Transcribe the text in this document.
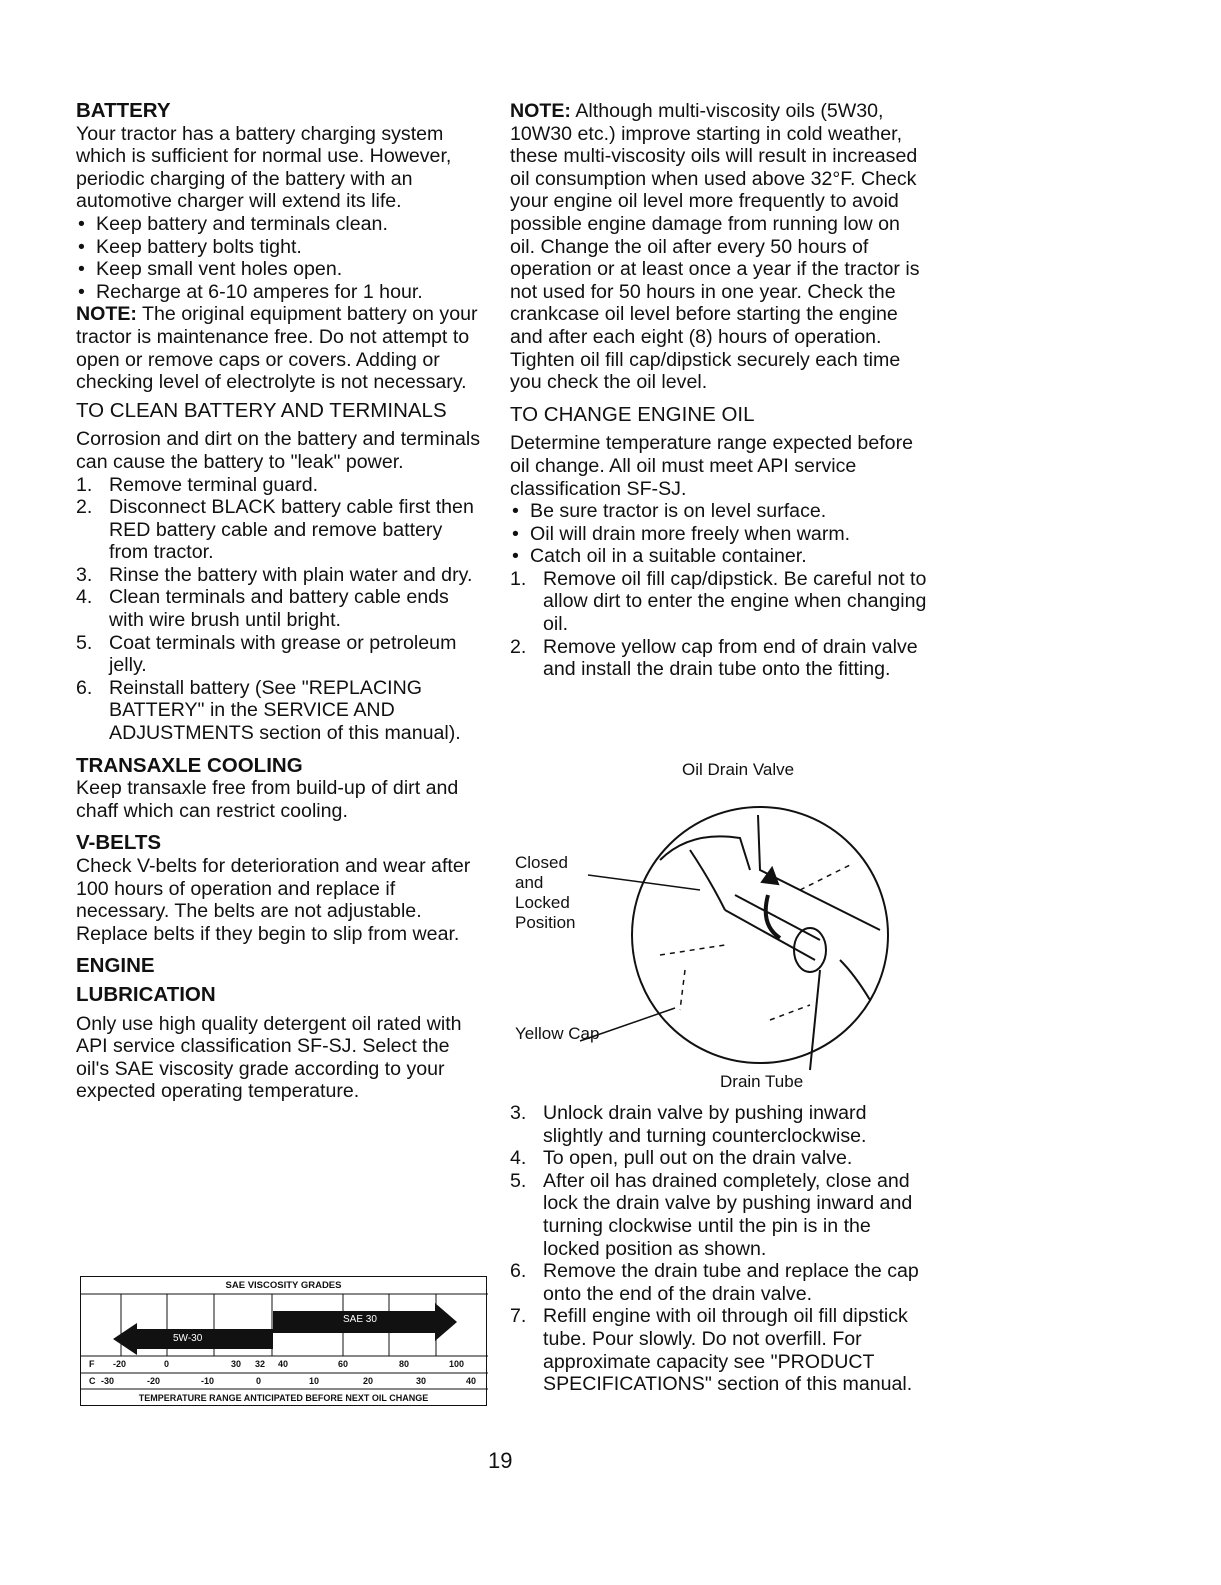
BATTERY

Your tractor has a battery charging system which is sufficient for normal use. However, periodic charging of the battery with an automotive charger will extend its life.

• Keep battery and terminals clean.

• Keep battery bolts tight.

• Keep small vent holes open.

• Recharge at 6-10 amperes for 1 hour.

NOTE: The original equipment battery on your tractor is maintenance free. Do not attempt to open or remove caps or covers. Adding or checking level of electrolyte is not necessary.

TO CLEAN BATTERY AND TERMINALS

Corrosion and dirt on the battery and terminals can cause the battery to "leak" power.

1. Remove terminal guard.

2. Disconnect BLACK battery cable first then RED battery cable and remove battery from tractor.

3. Rinse the battery with plain water and dry.

4. Clean terminals and battery cable ends with wire brush until bright.

5. Coat terminals with grease or petroleum jelly.

6. Reinstall battery (See "REPLACING BATTERY" in the SERVICE AND ADJUSTMENTS section of this manual).

TRANSAXLE COOLING

Keep transaxle free from build-up of dirt and chaff which can restrict cooling.

V-BELTS

Check V-belts for deterioration and wear after 100 hours of operation and replace if necessary. The belts are not adjustable. Replace belts if they begin to slip from wear.

ENGINE

LUBRICATION

Only use high quality detergent oil rated with API service classification SF-SJ. Select the oil's SAE viscosity grade according to your expected operating temperature.

SAE VISCOSITY GRADES
SAE 30
5W-30
F -20	0	30 32 40	60	80	100
C -30	-20	-10	0	10	20	30	40
TEMPERATURE RANGE ANTICIPATED BEFORE NEXT OIL CHANGE

NOTE: Although multi-viscosity oils (5W30, 10W30 etc.) improve starting in cold weather, these multi-viscosity oils will result in increased oil consumption when used above 32°F. Check your engine oil level more frequently to avoid possible engine damage from running low on oil. Change the oil after every 50 hours of operation or at least once a year if the tractor is not used for 50 hours in one year. Check the crankcase oil level before starting the engine and after each eight (8) hours of operation. Tighten oil fill cap/dipstick securely each time you check the oil level.

TO CHANGE ENGINE OIL

Determine temperature range expected before oil change. All oil must meet API service classification SF-SJ.

• Be sure tractor is on level surface.

• Oil will drain more freely when warm.

• Catch oil in a suitable container.

1. Remove oil fill cap/dipstick. Be careful not to allow dirt to enter the engine when changing oil.

2. Remove yellow cap from end of drain valve and install the drain tube onto the fitting.

Oil Drain Valve
Closed and Locked Position
Yellow Cap
Drain Tube

3. Unlock drain valve by pushing inward slightly and turning counterclockwise.

4. To open, pull out on the drain valve.

5. After oil has drained completely, close and lock the drain valve by pushing inward and turning clockwise until the pin is in the locked position as shown.

6. Remove the drain tube and replace the cap onto the end of the drain valve.

7. Refill engine with oil through oil fill dipstick tube. Pour slowly. Do not overfill. For approximate capacity see "PRODUCT SPECIFICATIONS" section of this manual.

19
